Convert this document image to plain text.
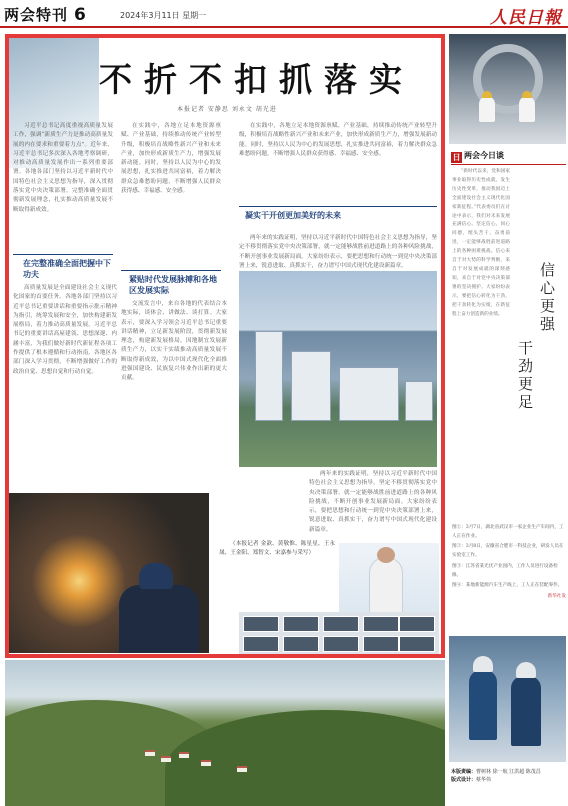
两会特刊 6	2024年3月11日 星期一	人民日報
不折不扣抓落实
本报记者 安静思 刘永文 胡光进

习近平总书记高度重视高质量发展工作，强调“新质生产力是推动高质量发展的内在要求和重要着力点”。近年来，习近平总书记多次深入各地考察调研，对推动高质量发展作出一系列重要部署。各地各部门坚持以习近平新时代中国特色社会主义思想为指导，深入贯彻落实党中央决策部署，完整准确全面贯彻新发展理念，扎实推动高质量发展不断取得新成效。

在完整准确全面把握中下功夫

高质量发展是全面建设社会主义现代化国家的首要任务。各地各部门坚持以习近平总书记重要讲话和重要指示批示精神为指引，统筹发展和安全，加快构建新发展格局，着力推动高质量发展。习近平总书记的重要讲话高屋建瓴、思想深邃、内涵丰富，为我们做好新时代新征程各项工作提供了根本遵循和行动指南。各地区各部门深入学习贯彻，不断增强做好工作的政治自觉、思想自觉和行动自觉。

在实践中，各地立足本地资源禀赋、产业基础，持续推动传统产业转型升级，积极培育战略性新兴产业和未来产业，加快形成新质生产力，增强发展新动能。同时，坚持以人民为中心的发展思想，扎实推进共同富裕，着力解决群众急难愁盼问题，不断增强人民群众获得感、幸福感、安全感。

紧贴时代发展脉搏和各地区发展实际

交流发言中，来自各地的代表结合本地实际，谈体会、讲做法、谈打算。大家表示，要深入学习领会习近平总书记重要讲话精神，立足新发展阶段，贯彻新发展理念，构建新发展格局，因地制宜发展新质生产力，以实干实绩推动高质量发展不断取得新成效，为以中国式现代化全面推进强国建设、民族复兴伟业作出新的更大贡献。

在实践中，各地立足本地资源禀赋、产业基础，持续推动传统产业转型升级，积极培育战略性新兴产业和未来产业，加快形成新质生产力，增强发展新动能。同时，坚持以人民为中心的发展思想，扎实推进共同富裕，着力解决群众急难愁盼问题，不断增强人民群众获得感、幸福感、安全感。

凝实干开创更加美好的未来

两年来的实践证明，坚持以习近平新时代中国特色社会主义思想为指导，坚定不移贯彻落实党中央决策部署，就一定能够战胜前进道路上的各种风险挑战，不断开创事业发展新局面。大家纷纷表示，要把思想和行动统一到党中央决策部署上来，锐意进取、真抓实干，奋力谱写中国式现代化建设新篇章。

两年来的实践证明，坚持以习近平新时代中国特色社会主义思想为指导，坚定不移贯彻落实党中央决策部署，就一定能够战胜前进道路上的各种风险挑战，不断开创事业发展新局面。大家纷纷表示，要把思想和行动统一到党中央决策部署上来，锐意进取、真抓实干，奋力谱写中国式现代化建设新篇章。

（本报记者 金歆、黄敬惟、陈星星、王永晟、王金阳、郑智文、宋嘉参与采写）

日 两会今日谈

“新时代以来，党和国家事业取得历史性成就、发生历史性变革，推动我国迈上全面建设社会主义现代化国家新征程。”代表委员们在讨论中表示，我们对未来发展充满信心。坚定信心、同心同德，埋头苦干、奋勇前进，一定能够战胜前进道路上的各种困难挑战。信心来自于对大势的科学判断，来自于对发展成就的深刻感知，来自于对党中央决策部署的坚决拥护。大家纷纷表示，要把信心转化为干劲，把干劲转化为实绩，在新征程上奋力创造新的业绩。	信心更强
干劲更足
图①：3月7日，湖北省武汉市一家企业生产车间内，工人正在作业。
图②：3月8日，安徽省合肥市一科技企业，研发人员在实验室工作。
图③：江苏省某光伏产业园内，工作人员进行设备检修。
图④：某地新能源汽车生产线上，工人正在装配零件。
新华社发
本版责编：曹树林 徐一航 江洪超 陈茂昌
版式设计：蔡华伟
